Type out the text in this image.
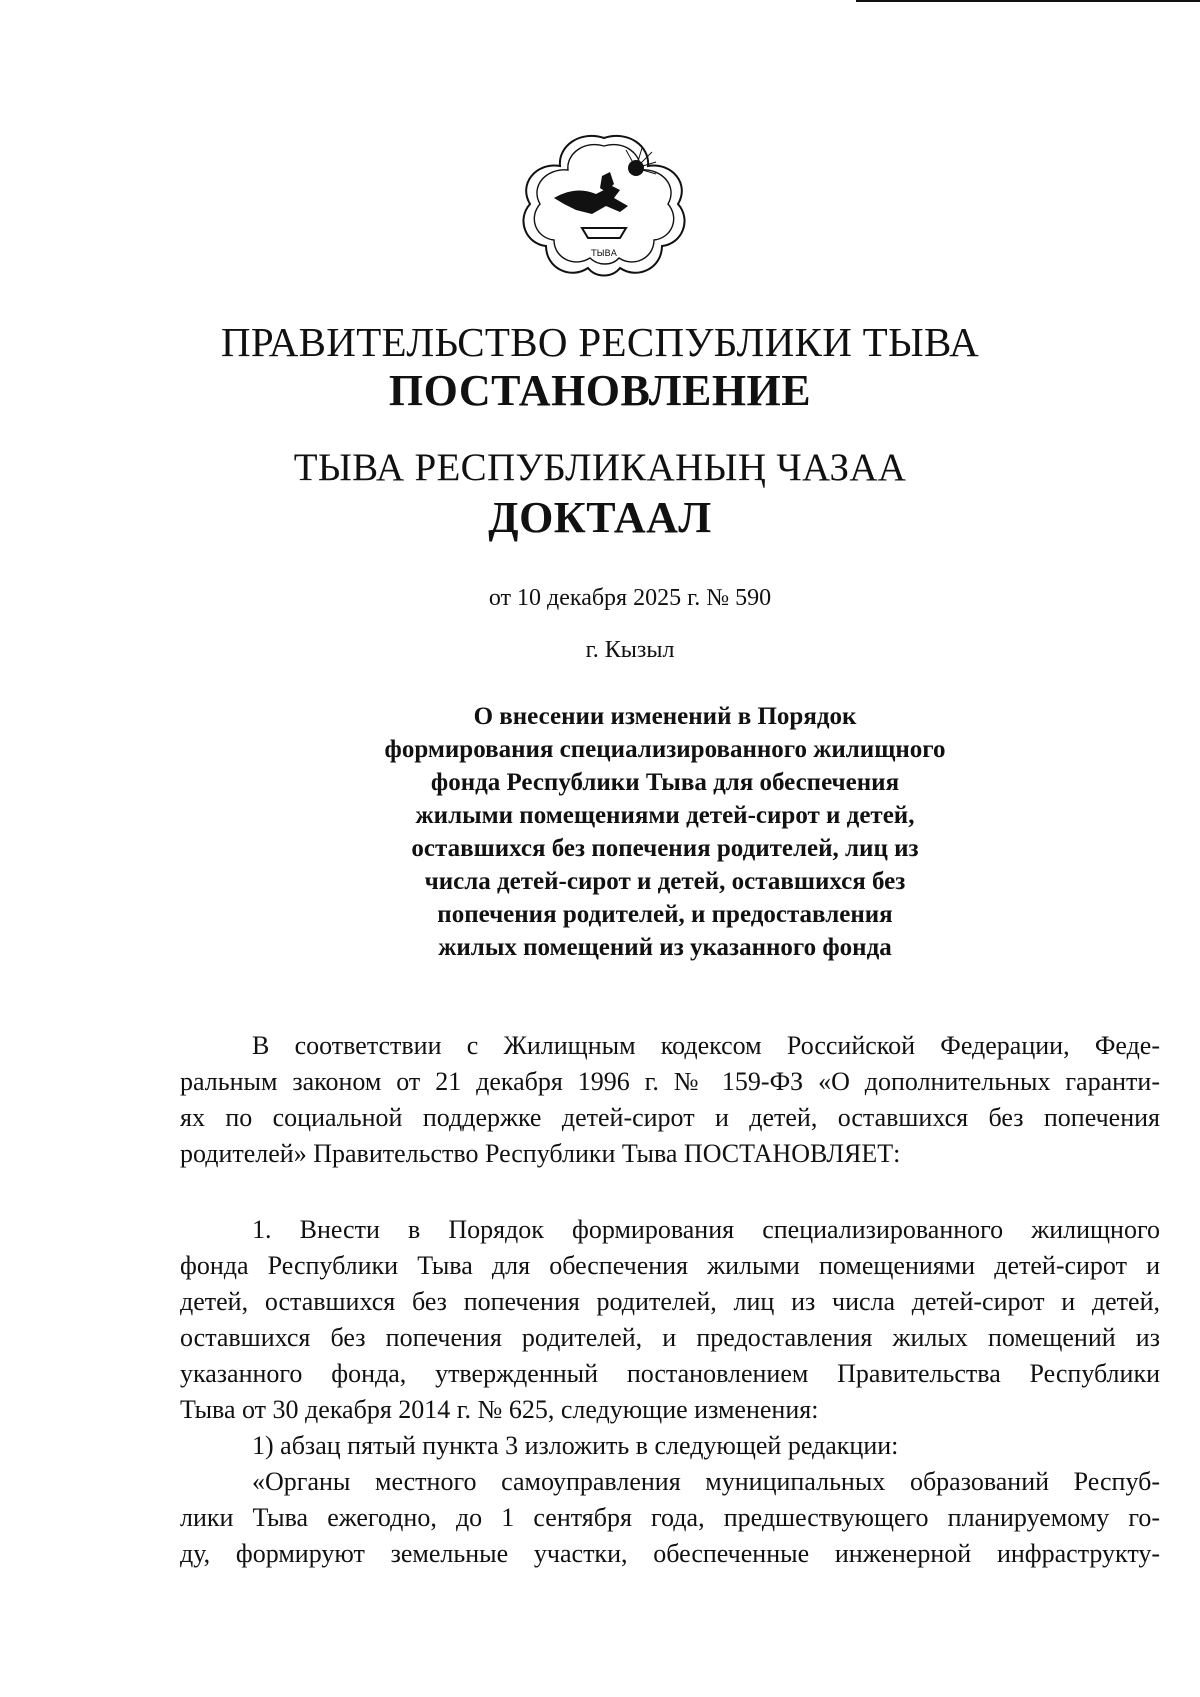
ТЫВА
ПРАВИТЕЛЬСТВО РЕСПУБЛИКИ ТЫВА
ПОСТАНОВЛЕНИЕ
ТЫВА РЕСПУБЛИКАНЫҢ ЧАЗАА
ДОКТААЛ
от 10 декабря 2025 г. № 590
г. Кызыл
О внесении изменений в Порядок
формирования специализированного жилищного
фонда Республики Тыва для обеспечения
жилыми помещениями детей-сирот и детей,
оставшихся без попечения родителей, лиц из
числа детей-сирот и детей, оставшихся без
попечения родителей, и предоставления
жилых помещений из указанного фонда
В соответствии с Жилищным кодексом Российской Федерации, Феде-
ральным законом от 21 декабря 1996 г. № 159-ФЗ «О дополнительных гаранти-
ях по социальной поддержке детей-сирот и детей, оставшихся без попечения
родителей» Правительство Республики Тыва ПОСТАНОВЛЯЕТ:
1. Внести в Порядок формирования специализированного жилищного
фонда Республики Тыва для обеспечения жилыми помещениями детей-сирот и
детей, оставшихся без попечения родителей, лиц из числа детей-сирот и детей,
оставшихся без попечения родителей, и предоставления жилых помещений из
указанного фонда, утвержденный постановлением Правительства Республики
Тыва от 30 декабря 2014 г. № 625, следующие изменения:
1) абзац пятый пункта 3 изложить в следующей редакции:
«Органы местного самоуправления муниципальных образований Респуб-
лики Тыва ежегодно, до 1 сентября года, предшествующего планируемому го-
ду, формируют земельные участки, обеспеченные инженерной инфраструкту-
